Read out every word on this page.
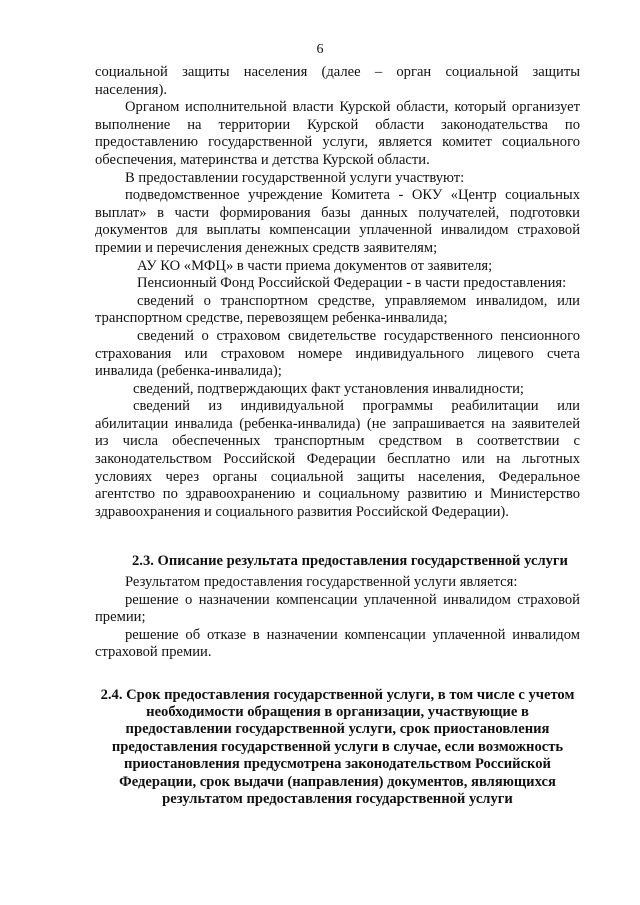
6

социальной защиты населения (далее – орган социальной защиты населения).

Органом исполнительной власти Курской области, который организует выполнение на территории Курской области законодательства по предоставлению государственной услуги, является комитет социального обеспечения, материнства и детства Курской области.

В предоставлении государственной услуги участвуют:

подведомственное учреждение Комитета - ОКУ «Центр социальных выплат» в части формирования базы данных получателей, подготовки документов для выплаты компенсации уплаченной инвалидом страховой премии и перечисления денежных средств заявителям;

АУ КО «МФЦ» в части приема документов от заявителя;

Пенсионный Фонд Российской Федерации - в части предоставления:

сведений о транспортном средстве, управляемом инвалидом, или транспортном средстве, перевозящем ребенка-инвалида;

сведений о страховом свидетельстве государственного пенсионного страхования или страховом номере индивидуального лицевого счета инвалида (ребенка-инвалида);

сведений, подтверждающих факт установления инвалидности;

сведений из индивидуальной программы реабилитации или абилитации инвалида (ребенка-инвалида) (не запрашивается на заявителей из числа обеспеченных транспортным средством в соответствии с законодательством Российской Федерации бесплатно или на льготных условиях через органы социальной защиты населения, Федеральное агентство по здравоохранению и социальному развитию и Министерство здравоохранения и социального развития Российской Федерации).

2.3. Описание результата предоставления государственной услуги

Результатом предоставления государственной услуги является:

решение о назначении компенсации уплаченной инвалидом страховой премии;

решение об отказе в назначении компенсации уплаченной инвалидом страховой премии.

2.4. Срок предоставления государственной услуги, в том числе с учетом необходимости обращения в организации, участвующие в предоставлении государственной услуги, срок приостановления предоставления государственной услуги в случае, если возможность приостановления предусмотрена законодательством Российской Федерации, срок выдачи (направления) документов, являющихся результатом предоставления государственной услуги
